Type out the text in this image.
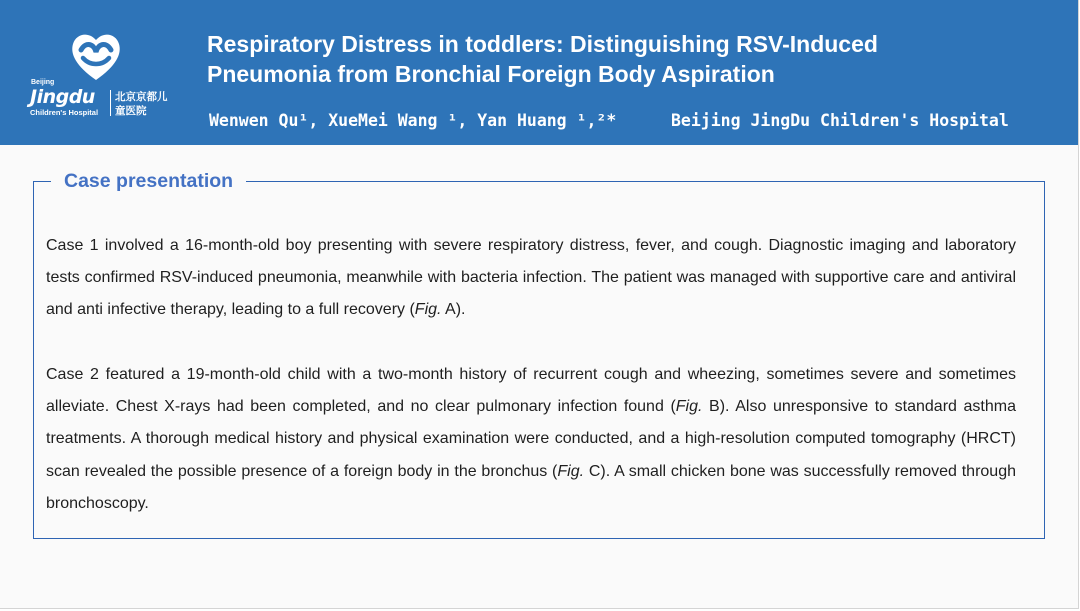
Beijing
Jingdu
Children's Hospital
北京京都儿童医院
Respiratory Distress in toddlers: Distinguishing RSV-Induced Pneumonia from Bronchial Foreign Body Aspiration
Wenwen Qu¹, XueMei Wang ¹, Yan Huang ¹,²*	Beijing JingDu Children's Hospital
Case presentation

Case 1 involved a 16-month-old boy presenting with severe respiratory distress, fever, and cough. Diagnostic imaging and laboratory tests confirmed RSV-induced pneumonia, meanwhile with bacteria infection. The patient was managed with supportive care and antiviral and anti infective therapy, leading to a full recovery (Fig. A).

Case 2 featured a 19-month-old child with a two-month history of recurrent cough and wheezing, sometimes severe and sometimes alleviate. Chest X-rays had been completed, and no clear pulmonary infection found (Fig. B). Also unresponsive to standard asthma treatments. A thorough medical history and physical examination were conducted, and a high-resolution computed tomography (HRCT) scan revealed the possible presence of a foreign body in the bronchus (Fig. C). A small chicken bone was successfully removed through bronchoscopy.
